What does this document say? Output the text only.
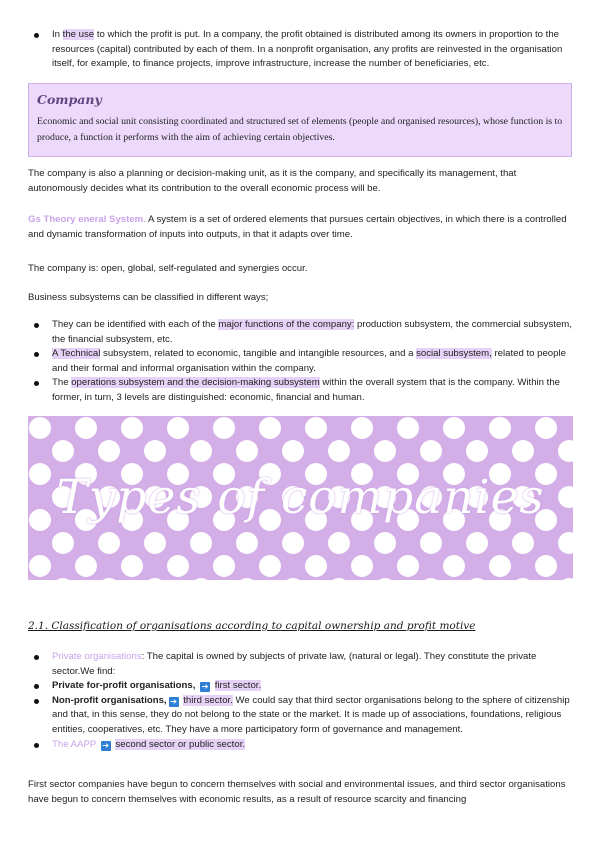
In the use to which the profit is put. In a company, the profit obtained is distributed among its owners in proportion to the resources (capital) contributed by each of them. In a nonprofit organisation, any profits are reinvested in the organisation itself, for example, to finance projects, improve infrastructure, increase the number of beneficiaries, etc.
Company
Economic and social unit consisting coordinated and structured set of elements (people and organised resources), whose function is to produce, a function it performs with the aim of achieving certain objectives.

The company is also a planning or decision-making unit, as it is the company, and specifically its management, that autonomously decides what its contribution to the overall economic process will be.

Gs Theory eneral System. A system is a set of ordered elements that pursues certain objectives, in which there is a controlled and dynamic transformation of inputs into outputs, in that it adapts over time.

The company is: open, global, self-regulated and synergies occur.

Business subsystems can be classified in different ways;

They can be identified with each of the major functions of the company: production subsystem, the commercial subsystem, the financial subsystem, etc.
A Technical subsystem, related to economic, tangible and intangible resources, and a social subsystem, related to people and their formal and informal organisation within the company.
The operations subsystem and the decision-making subsystem within the overall system that is the company. Within the former, in turn, 3 levels are distinguished: economic, financial and human.
Types of companies
2.1. Classification of organisations according to capital ownership and profit motive
Private organisations: The capital is owned by subjects of private law, (natural or legal). They constitute the private sector.We find:
Private for-profit organisations, ➔ first sector.
Non-profit organisations, ➔ third sector. We could say that third sector organisations belong to the sphere of citizenship and that, in this sense, they do not belong to the state or the market. It is made up of associations, foundations, religious entities, cooperatives, etc. They have a more participatory form of governance and management.
The AAPP ➔ second sector or public sector.

First sector companies have begun to concern themselves with social and environmental issues, and third sector organisations have begun to concern themselves with economic results, as a result of resource scarcity and financing
